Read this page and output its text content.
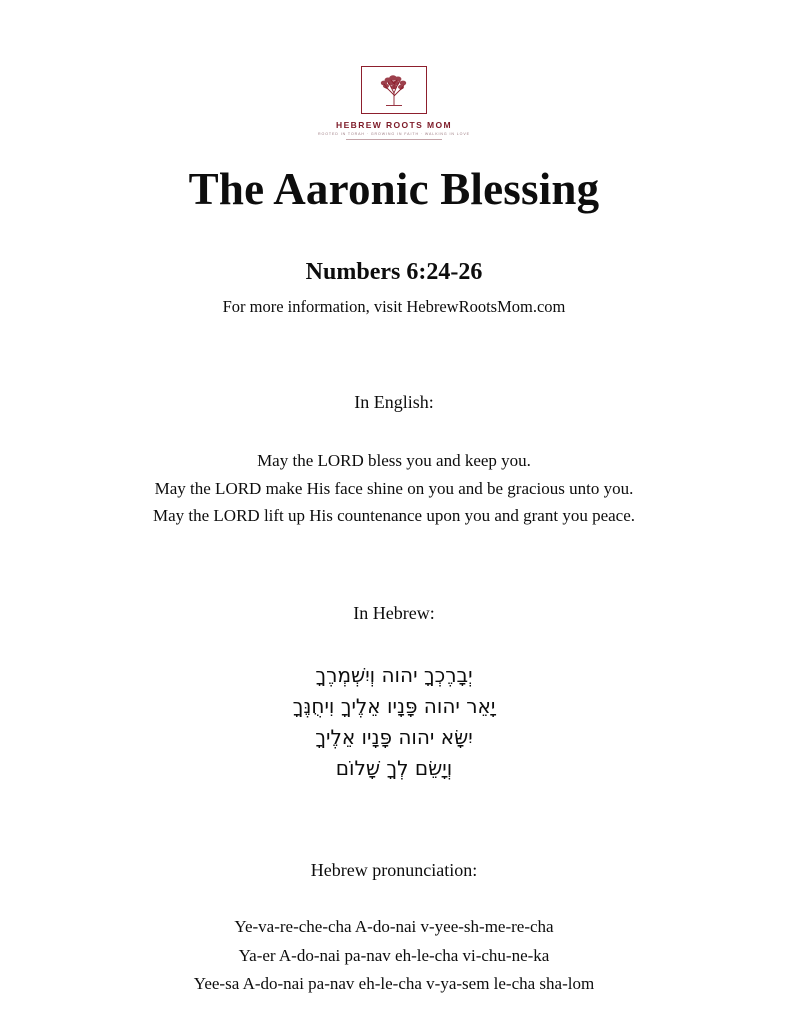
HEBREW ROOTS MOM
ROOTED IN TORAH · GROWING IN FAITH · WALKING IN LOVE
The Aaronic Blessing
Numbers 6:24-26
For more information, visit HebrewRootsMom.com
In English:
May the LORD bless you and keep you.
May the LORD make His face shine on you and be gracious unto you.
May the LORD lift up His countenance upon you and grant you peace.
In Hebrew:
יְבָרֶכְךָ יהוה וְיִשְׁמְרֶךָ
יָאֵר יהוה פָּנָיו אֵלֶיךָ וִיחֻנֶּךָ
יִשָּׂא יהוה פָּנָיו אֵלֶיךָ
וְיָשֵׂם לְךָ שָׁלוֹם
Hebrew pronunciation:
Ye-va-re-che-cha A-do-nai v-yee-sh-me-re-cha
Ya-er A-do-nai pa-nav eh-le-cha vi-chu-ne-ka
Yee-sa A-do-nai pa-nav eh-le-cha v-ya-sem le-cha sha-lom
